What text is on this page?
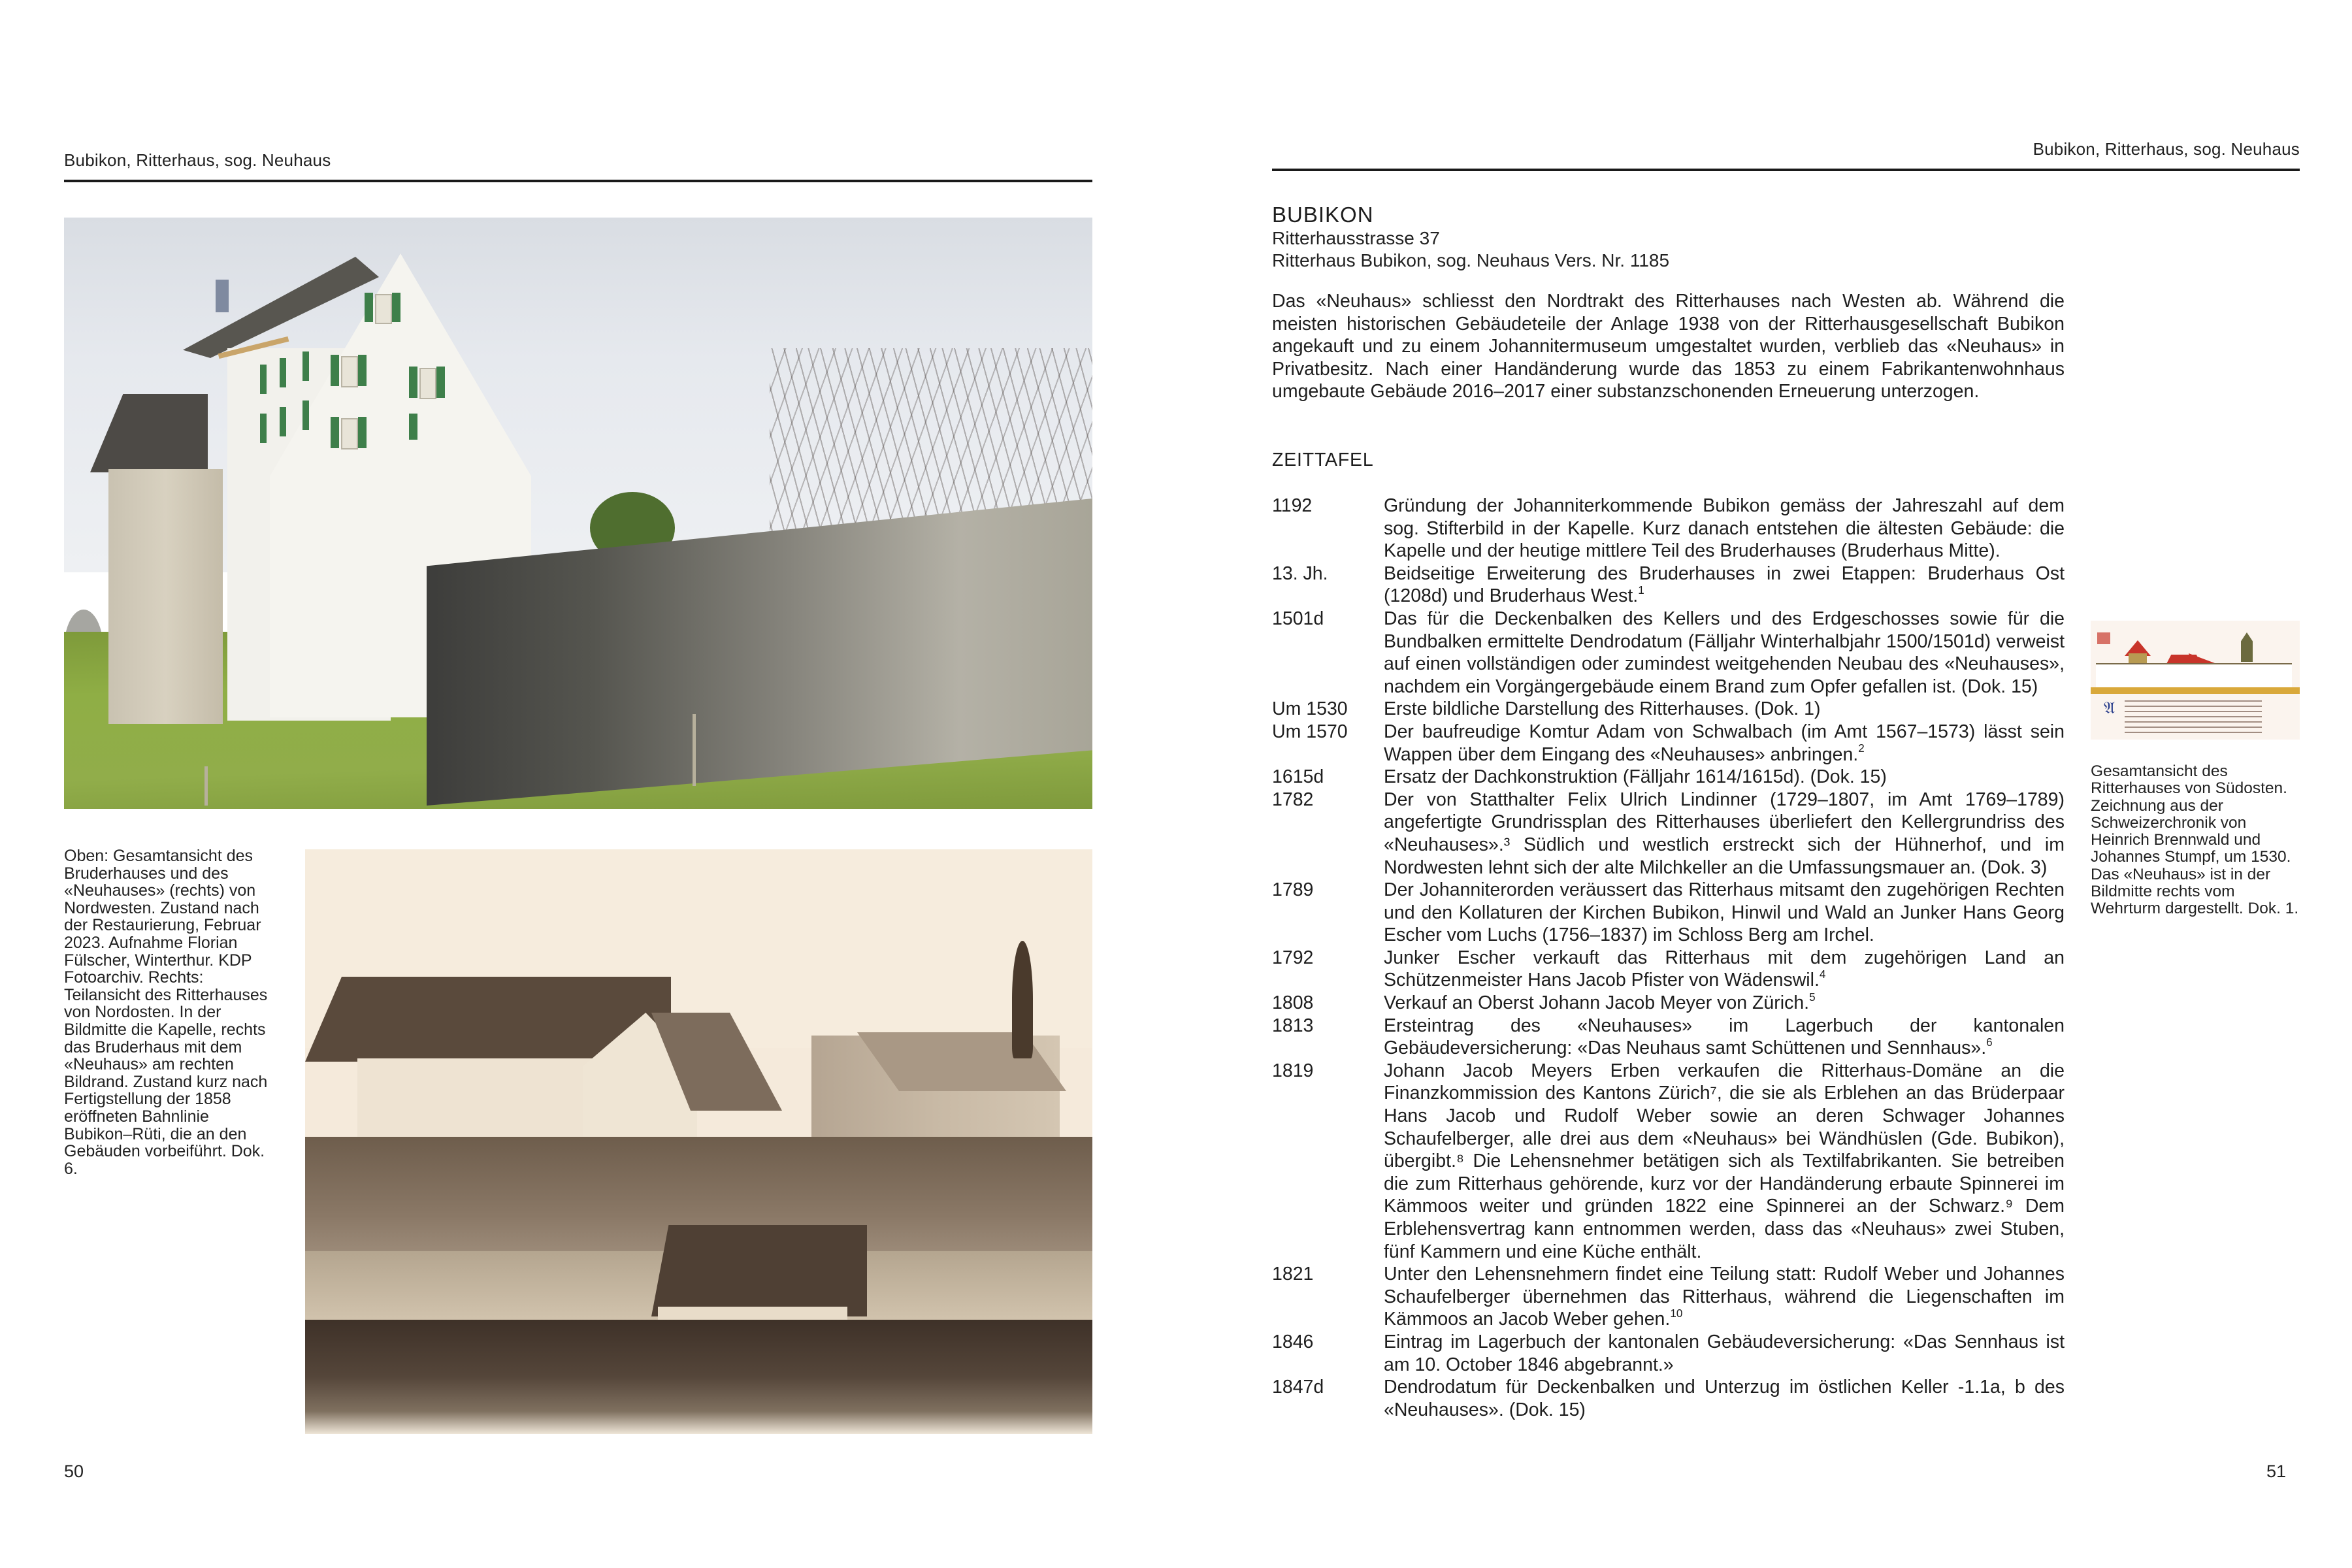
Bubikon, Ritterhaus, sog. Neuhaus
Oben: Gesamtansicht des Bruderhauses und des «Neuhauses» (rechts) von Nordwesten. Zustand nach der Restaurierung, Februar 2023. Aufnahme Florian Fülscher, Winterthur. KDP Fotoarchiv. Rechts: Teilansicht des Ritterhauses von Nordosten. In der Bildmitte die Kapelle, rechts das Bruderhaus mit dem «Neuhaus» am rechten Bildrand. Zustand kurz nach Fertigstellung der 1858 eröffneten Bahnlinie Bubikon–Rüti, die an den Gebäuden vorbeiführt. Dok. 6.
50
Bubikon, Ritterhaus, sog. Neuhaus
BUBIKON
Ritterhausstrasse 37
Ritterhaus Bubikon, sog. Neuhaus Vers. Nr. 1185
Das «Neuhaus» schliesst den Nordtrakt des Ritterhauses nach Westen ab. Während die meisten historischen Gebäudeteile der Anlage 1938 von der Ritterhausgesellschaft Bubikon angekauft und zu einem Johannitermuseum umgestaltet wurden, verblieb das «Neuhaus» in Privatbesitz. Nach einer Handänderung wurde das 1853 zu einem Fabrikantenwohnhaus umgebaute Gebäude 2016–2017 einer substanzschonenden Erneuerung unterzogen.
ZEITTAFEL
1192	Gründung der Johanniterkommende Bubikon gemäss der Jahreszahl auf dem sog. Stifterbild in der Kapelle. Kurz danach entstehen die ältesten Gebäude: die Kapelle und der heutige mittlere Teil des Bruderhauses (Bruderhaus Mitte).
13. Jh.	Beidseitige Erweiterung des Bruderhauses in zwei Etappen: Bruderhaus Ost (1208d) und Bruderhaus West.$^1$
1501d	Das für die Deckenbalken des Kellers und des Erdgeschosses sowie für die Bundbalken ermittelte Dendrodatum (Fälljahr Winterhalbjahr 1500/1501d) verweist auf einen vollständigen oder zumindest weitgehenden Neubau des «Neuhauses», nachdem ein Vorgängergebäude einem Brand zum Opfer gefallen ist. (Dok. 15)
Um 1530	Erste bildliche Darstellung des Ritterhauses. (Dok. 1)
Um 1570	Der baufreudige Komtur Adam von Schwalbach (im Amt 1567–1573) lässt sein Wappen über dem Eingang des «Neuhauses» anbringen.$^2$
1615d	Ersatz der Dachkonstruktion (Fälljahr 1614/1615d). (Dok. 15)
1782	Der von Statthalter Felix Ulrich Lindinner (1729–1807, im Amt 1769–1789) angefertigte Grundrissplan des Ritterhauses überliefert den Kellergrundriss des «Neuhauses».³ Südlich und westlich erstreckt sich der Hühnerhof, und im Nordwesten lehnt sich der alte Milchkeller an die Umfassungsmauer an. (Dok. 3)
1789	Der Johanniterorden veräussert das Ritterhaus mitsamt den zugehörigen Rechten und den Kollaturen der Kirchen Bubikon, Hinwil und Wald an Junker Hans Georg Escher vom Luchs (1756–1837) im Schloss Berg am Irchel.
1792	Junker Escher verkauft das Ritterhaus mit dem zugehörigen Land an Schützenmeister Hans Jacob Pfister von Wädenswil.$^4$
1808	Verkauf an Oberst Johann Jacob Meyer von Zürich.$^5$
1813	Ersteintrag des «Neuhauses» im Lagerbuch der kantonalen Gebäudeversicherung: «Das Neuhaus samt Schüttenen und Sennhaus».$^6$
1819	Johann Jacob Meyers Erben verkaufen die Ritterhaus-Domäne an die Finanzkommission des Kantons Zürich⁷, die sie als Erblehen an das Brüderpaar Hans Jacob und Rudolf Weber sowie an deren Schwager Johannes Schaufelberger, alle drei aus dem «Neuhaus» bei Wändhüslen (Gde. Bubikon), übergibt.⁸ Die Lehensnehmer betätigen sich als Textilfabrikanten. Sie betreiben die zum Ritterhaus gehörende, kurz vor der Handänderung erbaute Spinnerei im Kämmoos weiter und gründen 1822 eine Spinnerei an der Schwarz.⁹ Dem Erblehensvertrag kann entnommen werden, dass das «Neuhaus» zwei Stuben, fünf Kammern und eine Küche enthält.
1821	Unter den Lehensnehmern findet eine Teilung statt: Rudolf Weber und Johannes Schaufelberger übernehmen das Ritterhaus, während die Liegenschaften im Kämmoos an Jacob Weber gehen.$^{10}$
1846	Eintrag im Lagerbuch der kantonalen Gebäudeversicherung: «Das Sennhaus ist am 10. October 1846 abgebrannt.»
1847d	Dendrodatum für Deckenbalken und Unterzug im östlichen Keller -1.1a, b des «Neuhauses». (Dok. 15)
𝔄
Gesamtansicht des Ritterhauses von Südosten. Zeichnung aus der Schweizerchronik von Heinrich Brennwald und Johannes Stumpf, um 1530. Das «Neuhaus» ist in der Bildmitte rechts vom Wehrturm dargestellt. Dok. 1.
51
